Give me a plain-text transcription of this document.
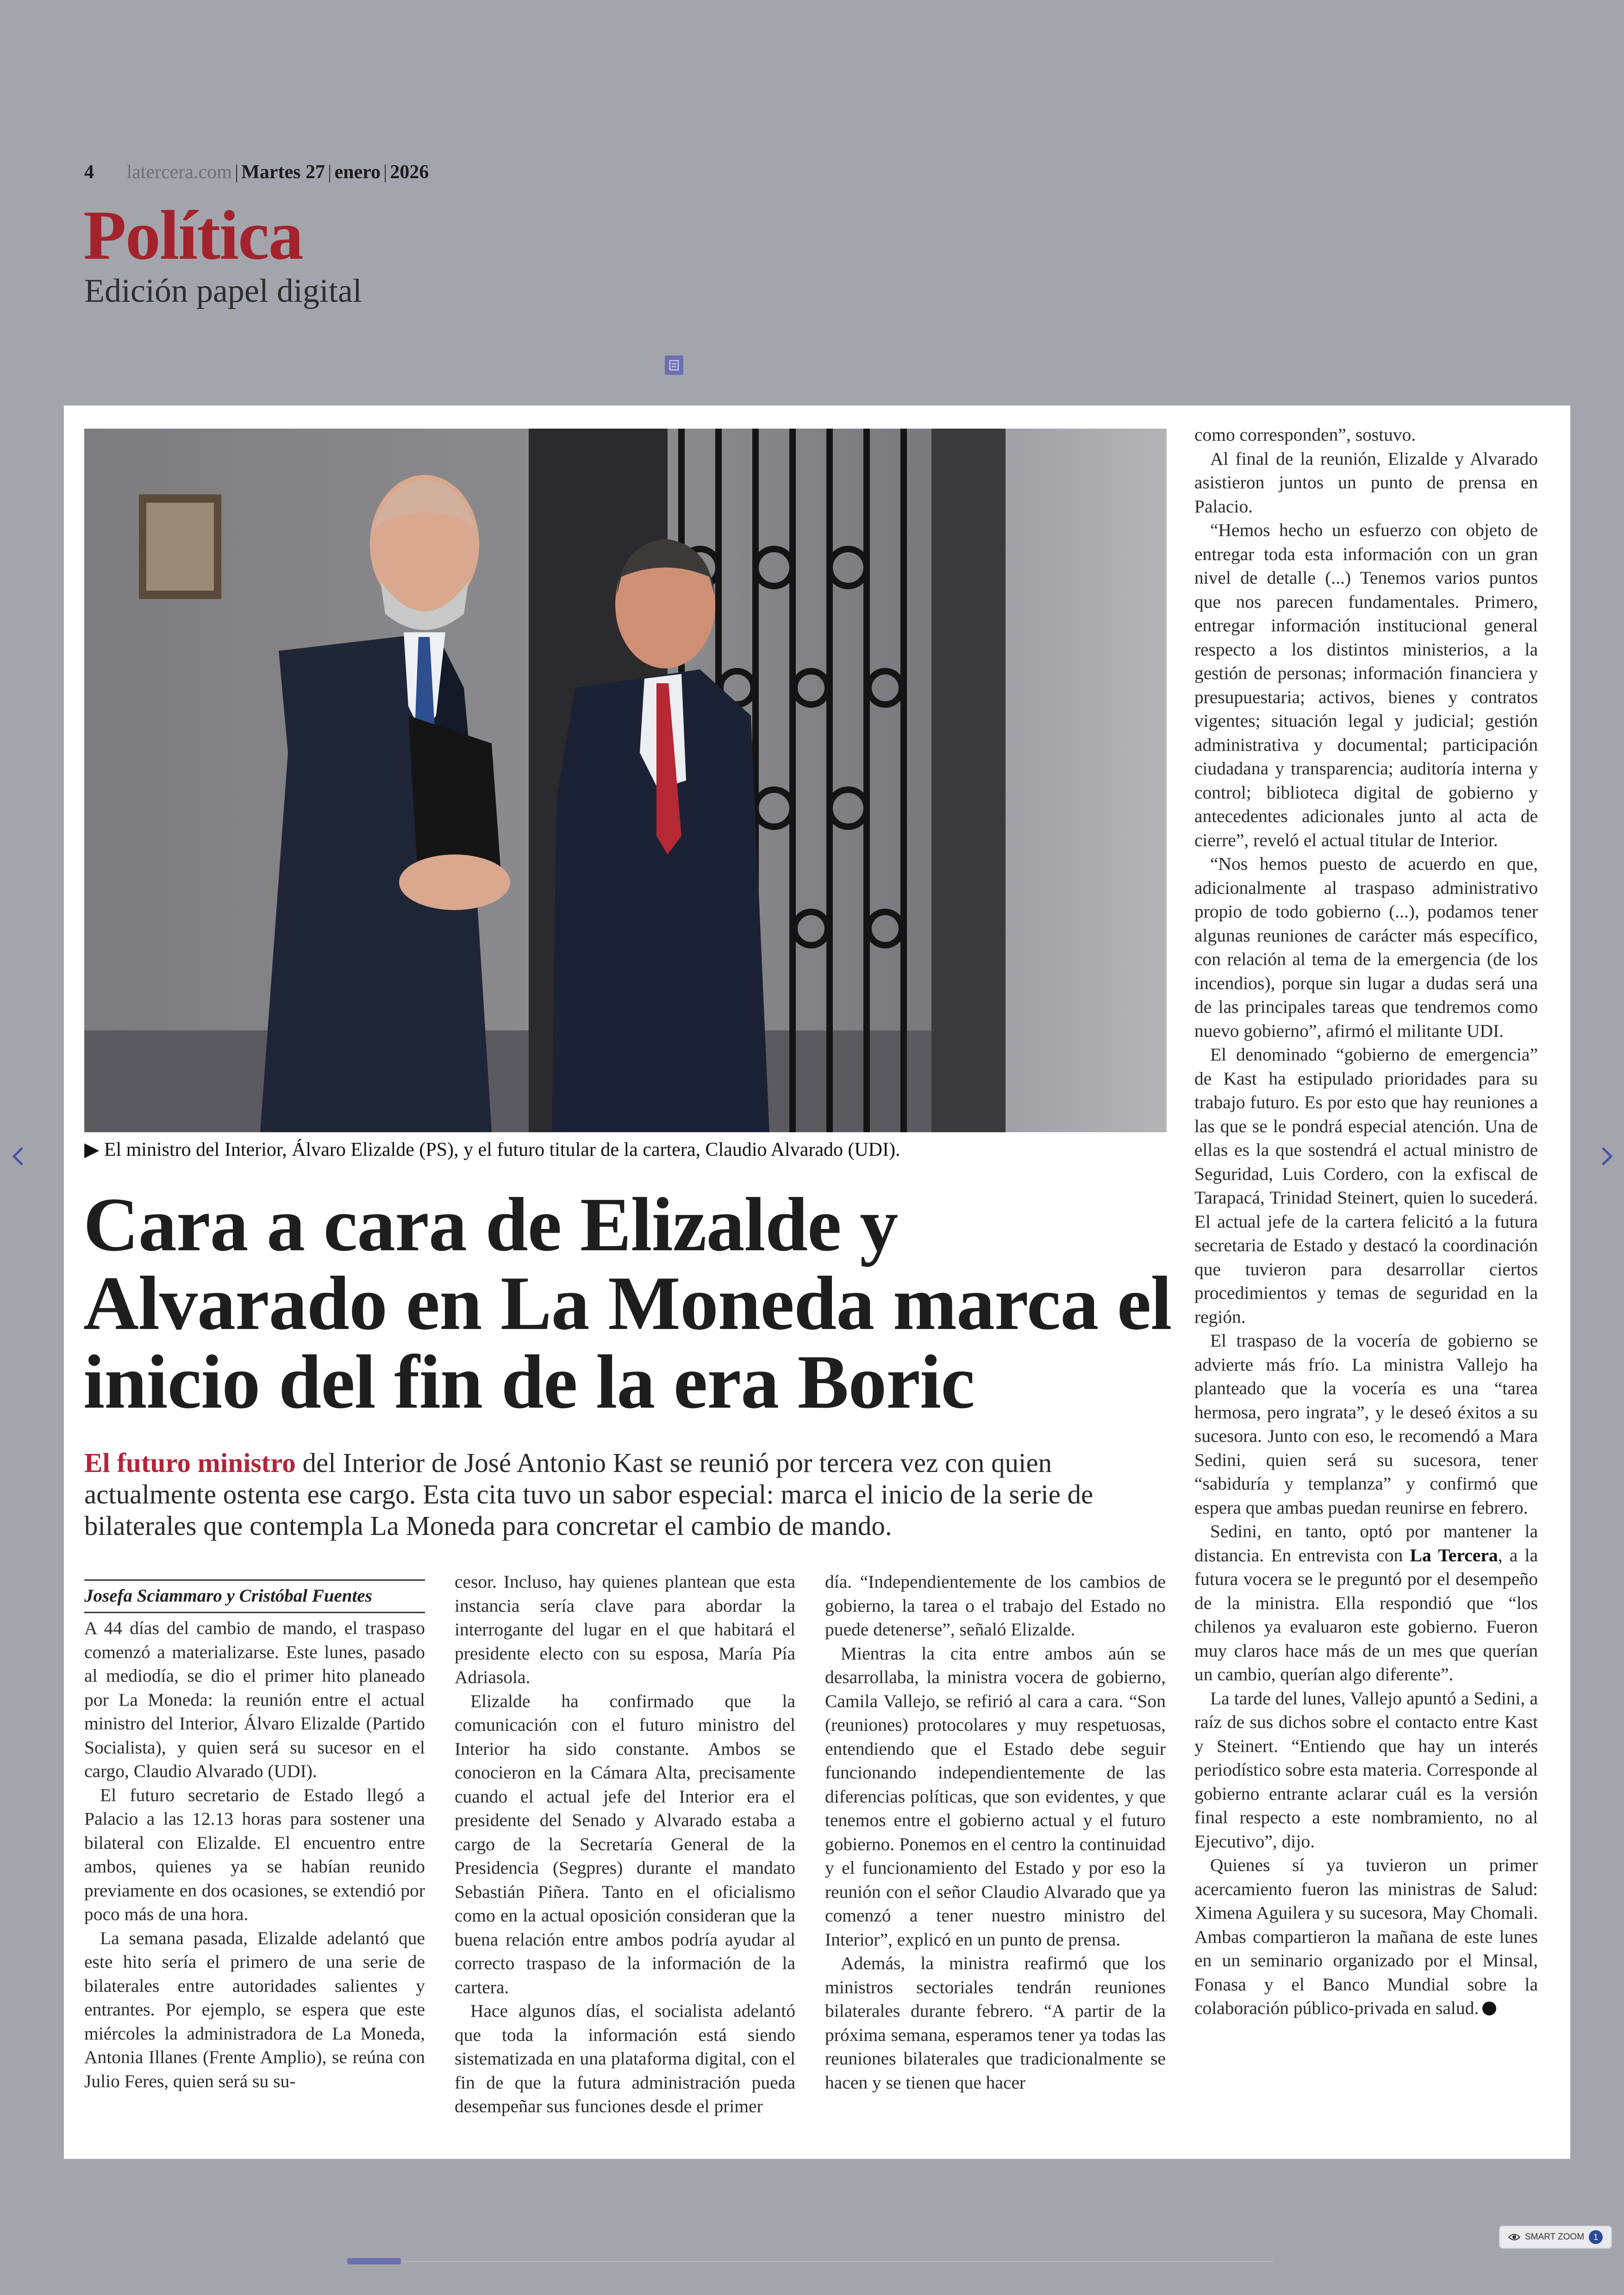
4 latercera.com | Martes 27 | enero | 2026
Política
Edición papel digital
▶ El ministro del Interior, Álvaro Elizalde (PS), y el futuro titular de la cartera, Claudio Alvarado (UDI).
Cara a cara de Elizalde y Alvarado en La Moneda marca el inicio del fin de la era Boric

El futuro ministro del Interior de José Antonio Kast se reunió por tercera vez con quien actualmente ostenta ese cargo. Esta cita tuvo un sabor especial: marca el inicio de la serie de bilaterales que contempla La Moneda para concretar el cambio de mando.

Josefa Sciammaro y Cristóbal Fuentes

A 44 días del cambio de mando, el traspaso comenzó a materializarse. Este lunes, pasado al mediodía, se dio el primer hito planeado por La Moneda: la reunión entre el actual ministro del Interior, Álvaro Elizalde (Partido Socialista), y quien será su sucesor en el cargo, Claudio Alvarado (UDI).

El futuro secretario de Estado llegó a Palacio a las 12.13 horas para sostener una bilateral con Elizalde. El encuentro entre ambos, quienes ya se habían reunido previamente en dos ocasiones, se extendió por poco más de una hora.

La semana pasada, Elizalde adelantó que este hito sería el primero de una serie de bilaterales entre autoridades salientes y entrantes. Por ejemplo, se espera que este miércoles la administradora de La Moneda, Antonia Illanes (Frente Amplio), se reúna con Julio Feres, quien será su su-

cesor. Incluso, hay quienes plantean que esta instancia sería clave para abordar la interrogante del lugar en el que habitará el presidente electo con su esposa, María Pía Adriasola.

Elizalde ha confirmado que la comunicación con el futuro ministro del Interior ha sido constante. Ambos se conocieron en la Cámara Alta, precisamente cuando el actual jefe del Interior era el presidente del Senado y Alvarado estaba a cargo de la Secretaría General de la Presidencia (Segpres) durante el mandato Sebastián Piñera. Tanto en el oficialismo como en la actual oposición consideran que la buena relación entre ambos podría ayudar al correcto traspaso de la información de la cartera.

Hace algunos días, el socialista adelantó que toda la información está siendo sistematizada en una plataforma digital, con el fin de que la futura administración pueda desempeñar sus funciones desde el primer

día. “Independientemente de los cambios de gobierno, la tarea o el trabajo del Estado no puede detenerse”, señaló Elizalde.

Mientras la cita entre ambos aún se desarrollaba, la ministra vocera de gobierno, Camila Vallejo, se refirió al cara a cara. “Son (reuniones) protocolares y muy respetuosas, entendiendo que el Estado debe seguir funcionando independientemente de las diferencias políticas, que son evidentes, y que tenemos entre el gobierno actual y el futuro gobierno. Ponemos en el centro la continuidad y el funcionamiento del Estado y por eso la reunión con el señor Claudio Alvarado que ya comenzó a tener nuestro ministro del Interior”, explicó en un punto de prensa.

Además, la ministra reafirmó que los ministros sectoriales tendrán reuniones bilaterales durante febrero. “A partir de la próxima semana, esperamos tener ya todas las reuniones bilaterales que tradicionalmente se hacen y se tienen que hacer

como corresponden”, sostuvo.

Al final de la reunión, Elizalde y Alvarado asistieron juntos un punto de prensa en Palacio.

“Hemos hecho un esfuerzo con objeto de entregar toda esta información con un gran nivel de detalle (...) Tenemos varios puntos que nos parecen fundamentales. Primero, entregar información institucional general respecto a los distintos ministerios, a la gestión de personas; información financiera y presupuestaria; activos, bienes y contratos vigentes; situación legal y judicial; gestión administrativa y documental; participación ciudadana y transparencia; auditoría interna y control; biblioteca digital de gobierno y antecedentes adicionales junto al acta de cierre”, reveló el actual titular de Interior.

“Nos hemos puesto de acuerdo en que, adicionalmente al traspaso administrativo propio de todo gobierno (...), podamos tener algunas reuniones de carácter más específico, con relación al tema de la emergencia (de los incendios), porque sin lugar a dudas será una de las principales tareas que tendremos como nuevo gobierno”, afirmó el militante UDI.

El denominado “gobierno de emergencia” de Kast ha estipulado prioridades para su trabajo futuro. Es por esto que hay reuniones a las que se le pondrá especial atención. Una de ellas es la que sostendrá el actual ministro de Seguridad, Luis Cordero, con la exfiscal de Tarapacá, Trinidad Steinert, quien lo sucederá. El actual jefe de la cartera felicitó a la futura secretaria de Estado y destacó la coordinación que tuvieron para desarrollar ciertos procedimientos y temas de seguridad en la región.

El traspaso de la vocería de gobierno se advierte más frío. La ministra Vallejo ha planteado que la vocería es una “tarea hermosa, pero ingrata”, y le deseó éxitos a su sucesora. Junto con eso, le recomendó a Mara Sedini, quien será su sucesora, tener “sabiduría y templanza” y confirmó que espera que ambas puedan reunirse en febrero.

Sedini, en tanto, optó por mantener la distancia. En entrevista con La Tercera, a la futura vocera se le preguntó por el desempeño de la ministra. Ella respondió que “los chilenos ya evaluaron este gobierno. Fueron muy claros hace más de un mes que querían un cambio, querían algo diferente”.

La tarde del lunes, Vallejo apuntó a Sedini, a raíz de sus dichos sobre el contacto entre Kast y Steinert. “Entiendo que hay un interés periodístico sobre esta materia. Corresponde al gobierno entrante aclarar cuál es la versión final respecto a este nombramiento, no al Ejecutivo”, dijo.

Quienes sí ya tuvieron un primer acercamiento fueron las ministras de Salud: Ximena Aguilera y su sucesora, May Chomali. Ambas compartieron la mañana de este lunes en un seminario organizado por el Minsal, Fonasa y el Banco Mundial sobre la colaboración público-privada en salud.

SMART ZOOM	1
